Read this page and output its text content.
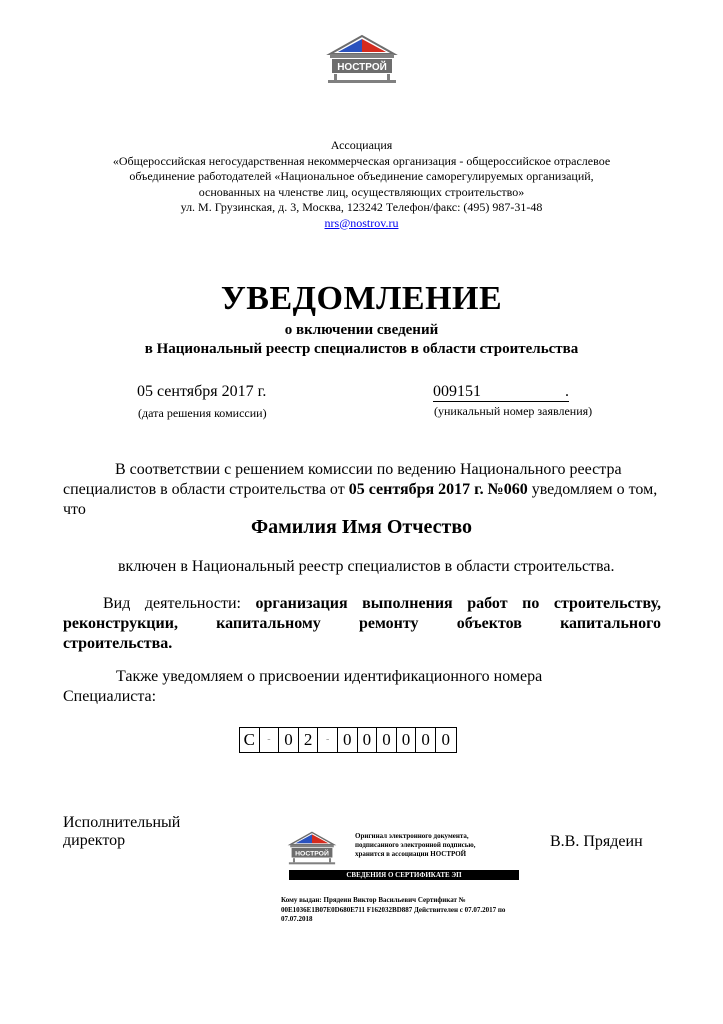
НОСТРОЙ
Ассоциация
«Общероссийская негосударственная некоммерческая организация - общероссийское отраслевое
объединение работодателей «Национальное объединение саморегулируемых организаций,
основанных на членстве лиц, осуществляющих строительство»
ул. М. Грузинская, д. 3, Москва, 123242 Телефон/факс: (495) 987-31-48
nrs@nostrov.ru
УВЕДОМЛЕНИЕ
о включении сведений
в Национальный реестр специалистов в области строительства
05 сентября 2017 г.
(дата решения комиссии)
009151	.
(уникальный номер заявления)
В соответствии с решением комиссии по ведению Национального реестра специалистов в области строительства от 05 сентября 2017 г. №060 уведомляем о том, что
Фамилия Имя Отчество
включен в Национальный реестр специалистов в области строительства.
Вид деятельности: организация выполнения работ по строительству,
реконструкции, капитальному ремонту объектов капитального
строительства.
Также уведомляем о присвоении идентификационного номера
Специалиста:
С	- 0 2	- 0 0 0 0 0 0
Исполнительный
директор	В.В. Прядеин
НОСТРОЙ
Оригинал электронного документа,
подписанного электронной подписью,
хранится в ассоциации НОСТРОЙ
СВЕДЕНИЯ О СЕРТИФИКАТЕ ЭП
Кому выдан: Прядеин Виктор Васильевич Сертификат № 00E1036E1B07E0D680E711 F162032BD887 Действителен с 07.07.2017 по 07.07.2018
